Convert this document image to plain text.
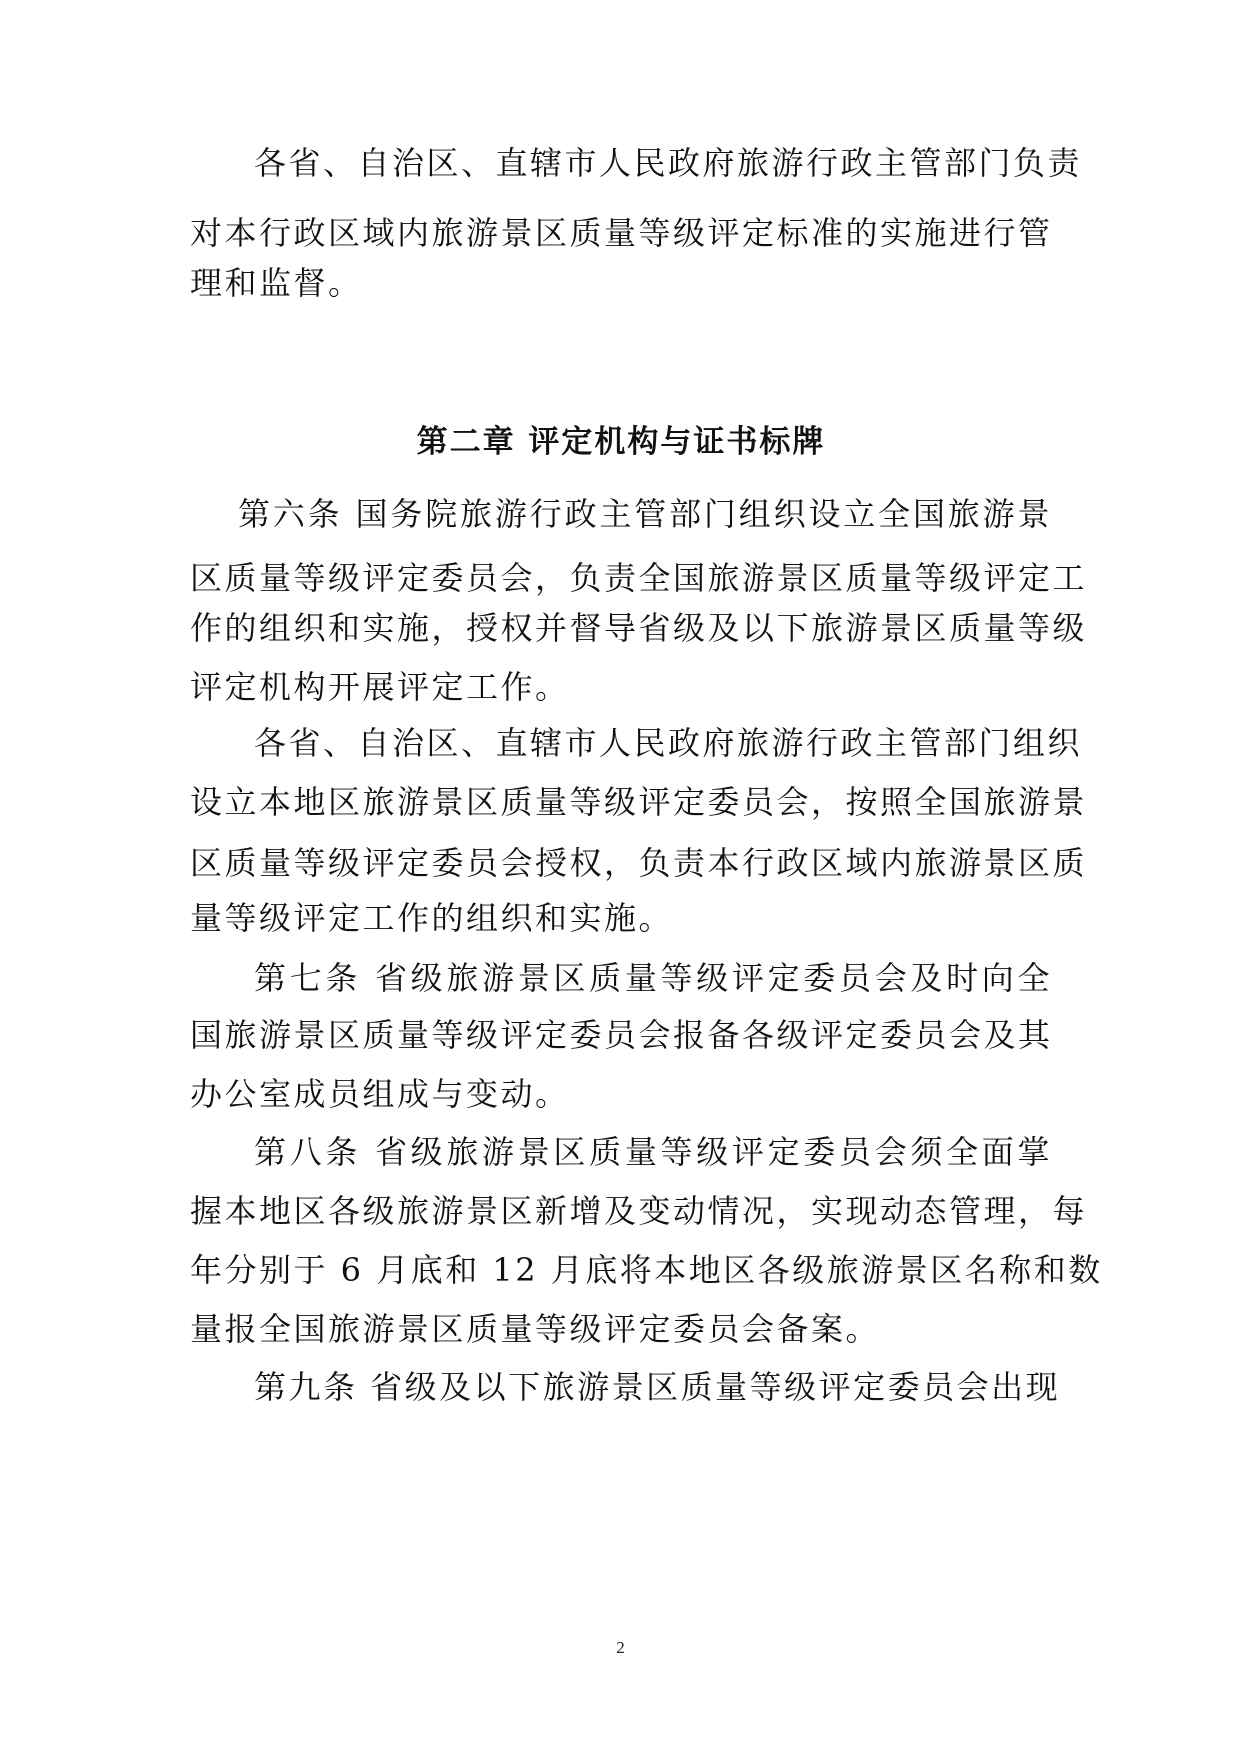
各省、自治区、直辖市人民政府旅游行政主管部门负责
对本行政区域内旅游景区质量等级评定标准的实施进行管
理和监督。
第二章 评定机构与证书标牌
第六条 国务院旅游行政主管部门组织设立全国旅游景
区质量等级评定委员会，负责全国旅游景区质量等级评定工
作的组织和实施，授权并督导省级及以下旅游景区质量等级
评定机构开展评定工作。
各省、自治区、直辖市人民政府旅游行政主管部门组织
设立本地区旅游景区质量等级评定委员会，按照全国旅游景
区质量等级评定委员会授权，负责本行政区域内旅游景区质
量等级评定工作的组织和实施。
第七条 省级旅游景区质量等级评定委员会及时向全
国旅游景区质量等级评定委员会报备各级评定委员会及其
办公室成员组成与变动。
第八条 省级旅游景区质量等级评定委员会须全面掌
握本地区各级旅游景区新增及变动情况，实现动态管理，每
年分别于 6 月底和 12 月底将本地区各级旅游景区名称和数
量报全国旅游景区质量等级评定委员会备案。
第九条 省级及以下旅游景区质量等级评定委员会出现
2
